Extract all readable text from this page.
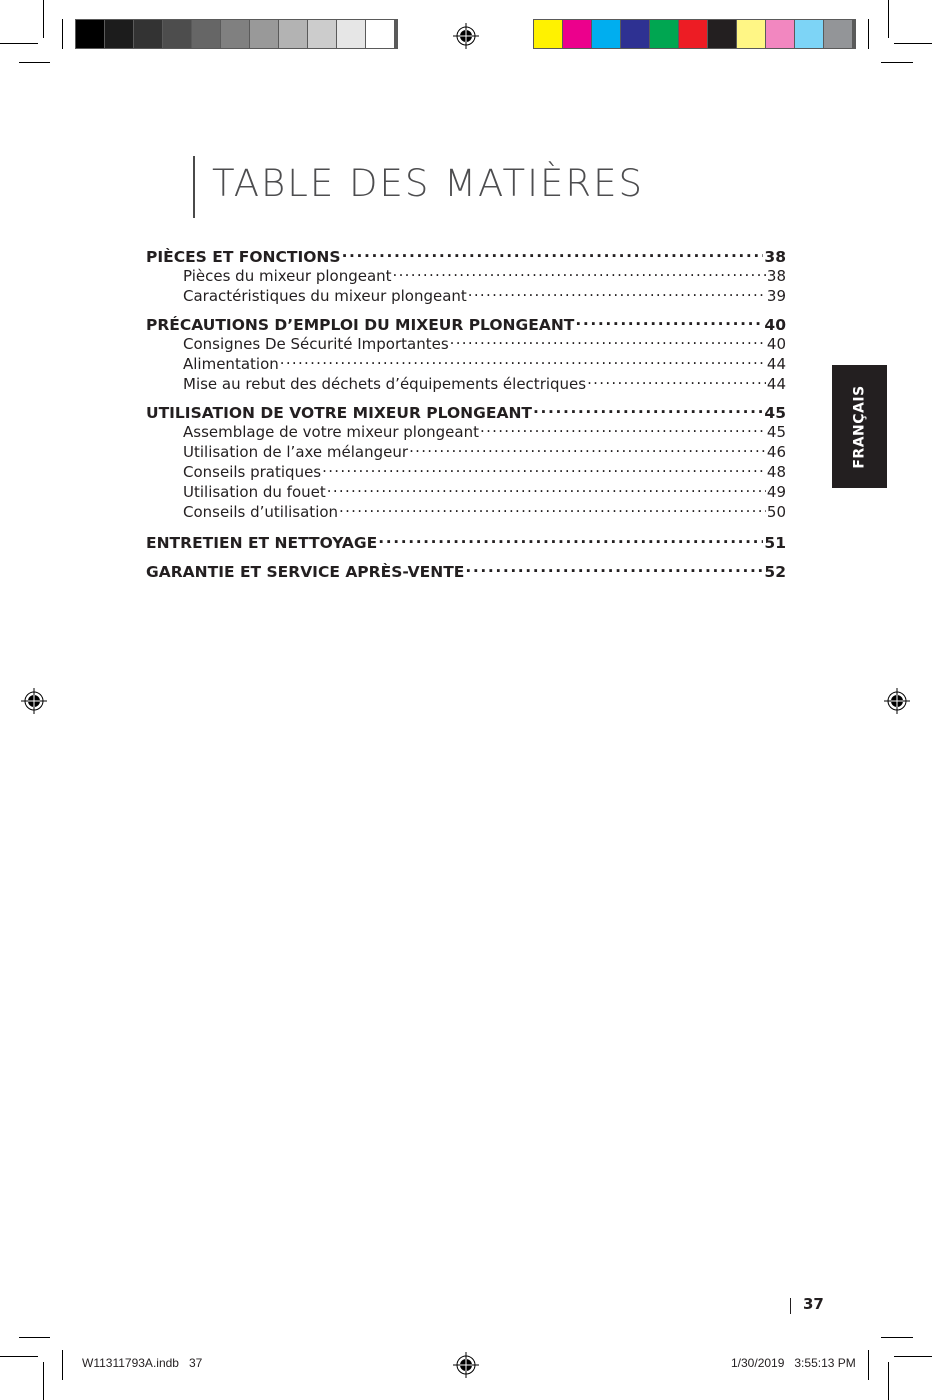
TABLE DES MATIÈRES
PIÈCES ET FONCTIONS .....	38
Pièces du mixeur plongeant .....	38
Caractéristiques du mixeur plongeant .....	39
PRÉCAUTIONS D’EMPLOI DU MIXEUR PLONGEANT .....	40
Consignes De Sécurité Importantes .....	40
Alimentation .....	44
Mise au rebut des déchets d’équipements électriques .....	44
UTILISATION DE VOTRE MIXEUR PLONGEANT .....	45
Assemblage de votre mixeur plongeant .....	45
Utilisation de l’axe mélangeur .....	46
Conseils pratiques .....	48
Utilisation du fouet .....	49
Conseils d’utilisation .....	50
ENTRETIEN ET NETTOYAGE .....	51
GARANTIE ET SERVICE APRÈS-VENTE .....	52
FRANÇAIS
37
W11311793A.indb   37	1/30/2019   3:55:13 PM
